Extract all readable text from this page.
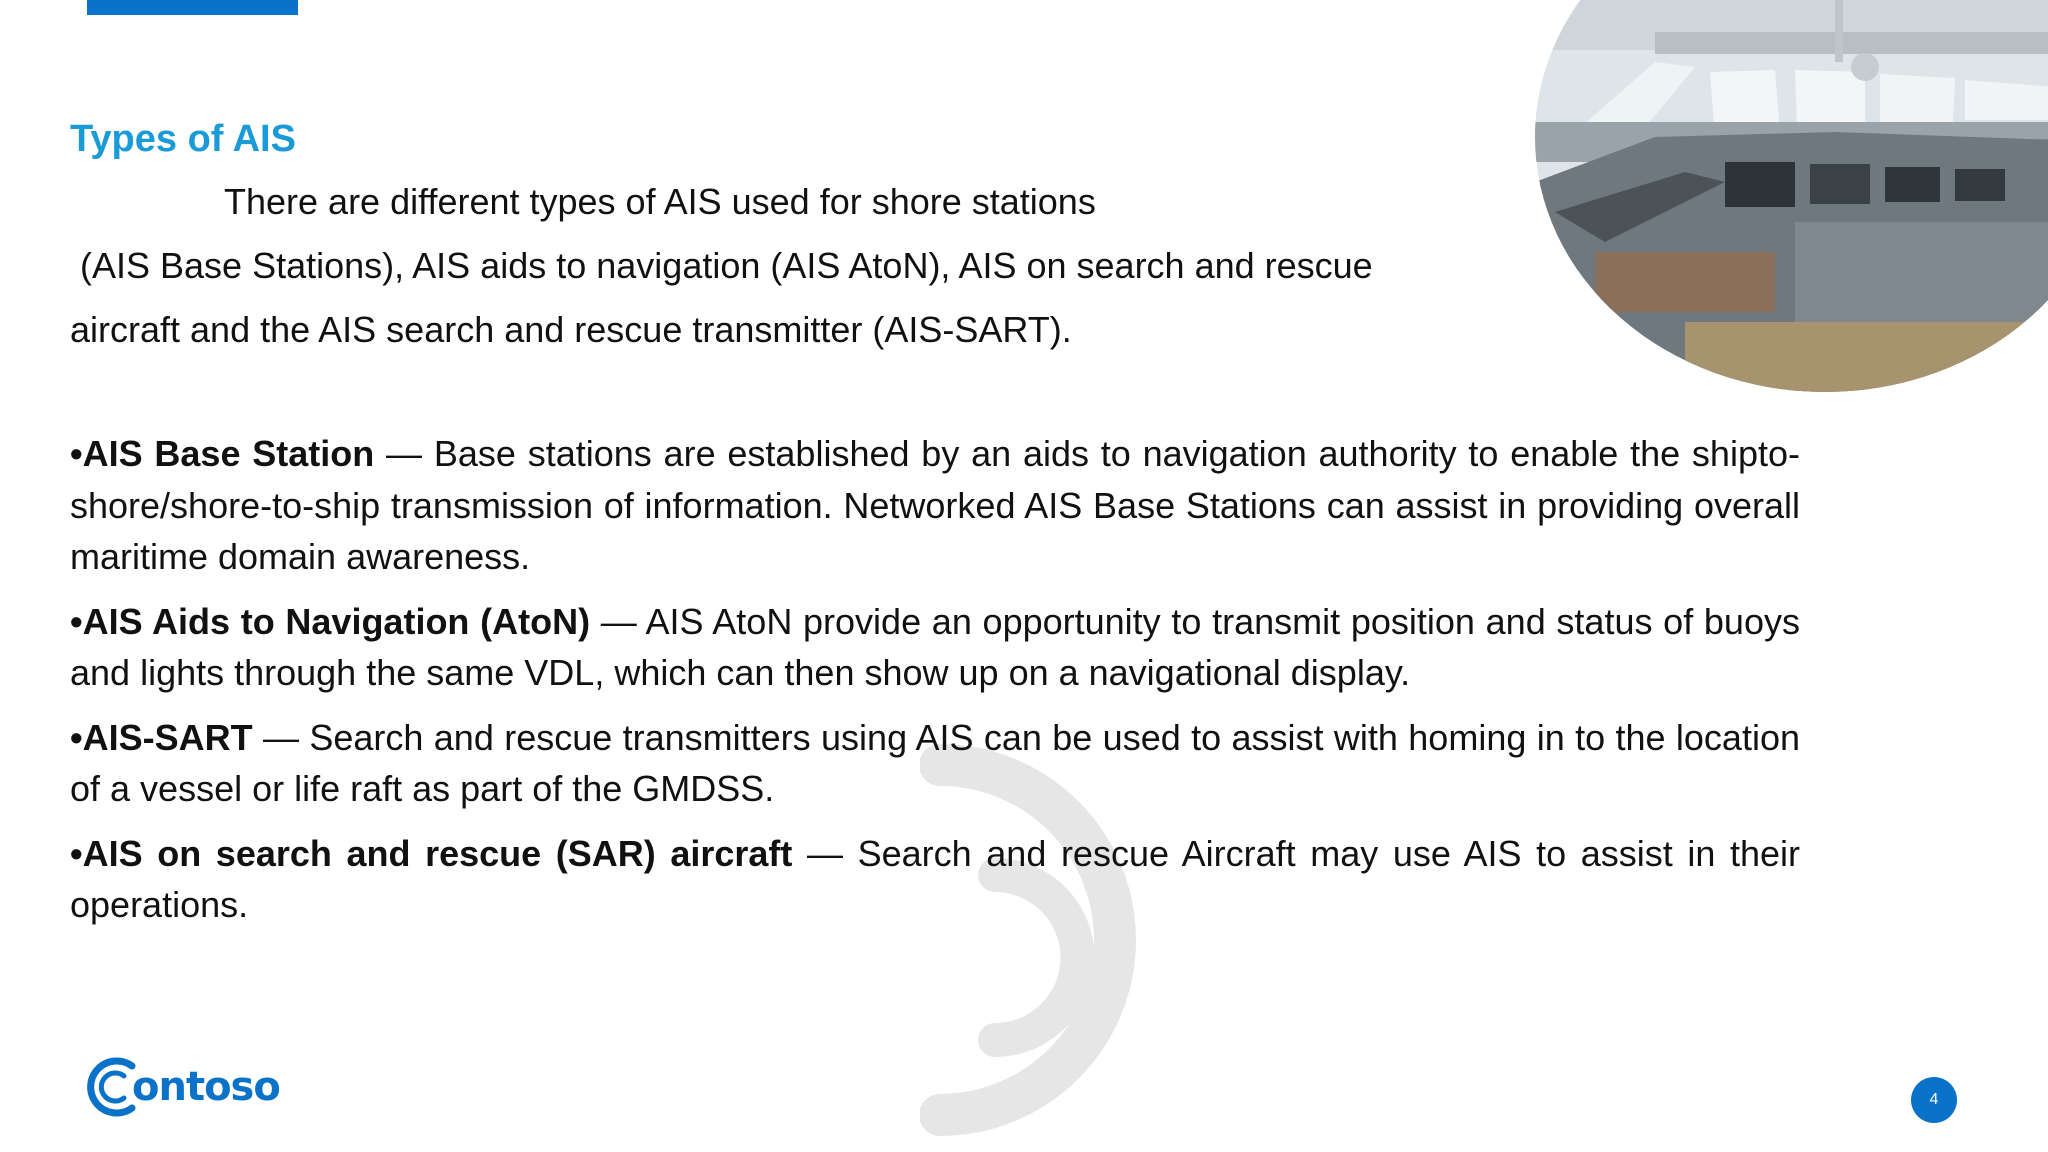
Types of AIS
There are different types of AIS used for shore stations
(AIS Base Stations), AIS aids to navigation (AIS AtoN), AIS on search and rescue
aircraft and the AIS search and rescue transmitter (AIS-SART).

•AIS Base Station — Base stations are established by an aids to navigation authority to enable the shipto-shore/shore-to-ship transmission of information. Networked AIS Base Stations can assist in providing overall maritime domain awareness.

•AIS Aids to Navigation (AtoN) — AIS AtoN provide an opportunity to transmit position and status of buoys and lights through the same VDL, which can then show up on a navigational display.

•AIS-SART — Search and rescue transmitters using AIS can be used to assist with homing in to the location of a vessel or life raft as part of the GMDSS.

•AIS on search and rescue (SAR) aircraft — Search and rescue Aircraft may use AIS to assist in their operations.

ontoso	4
